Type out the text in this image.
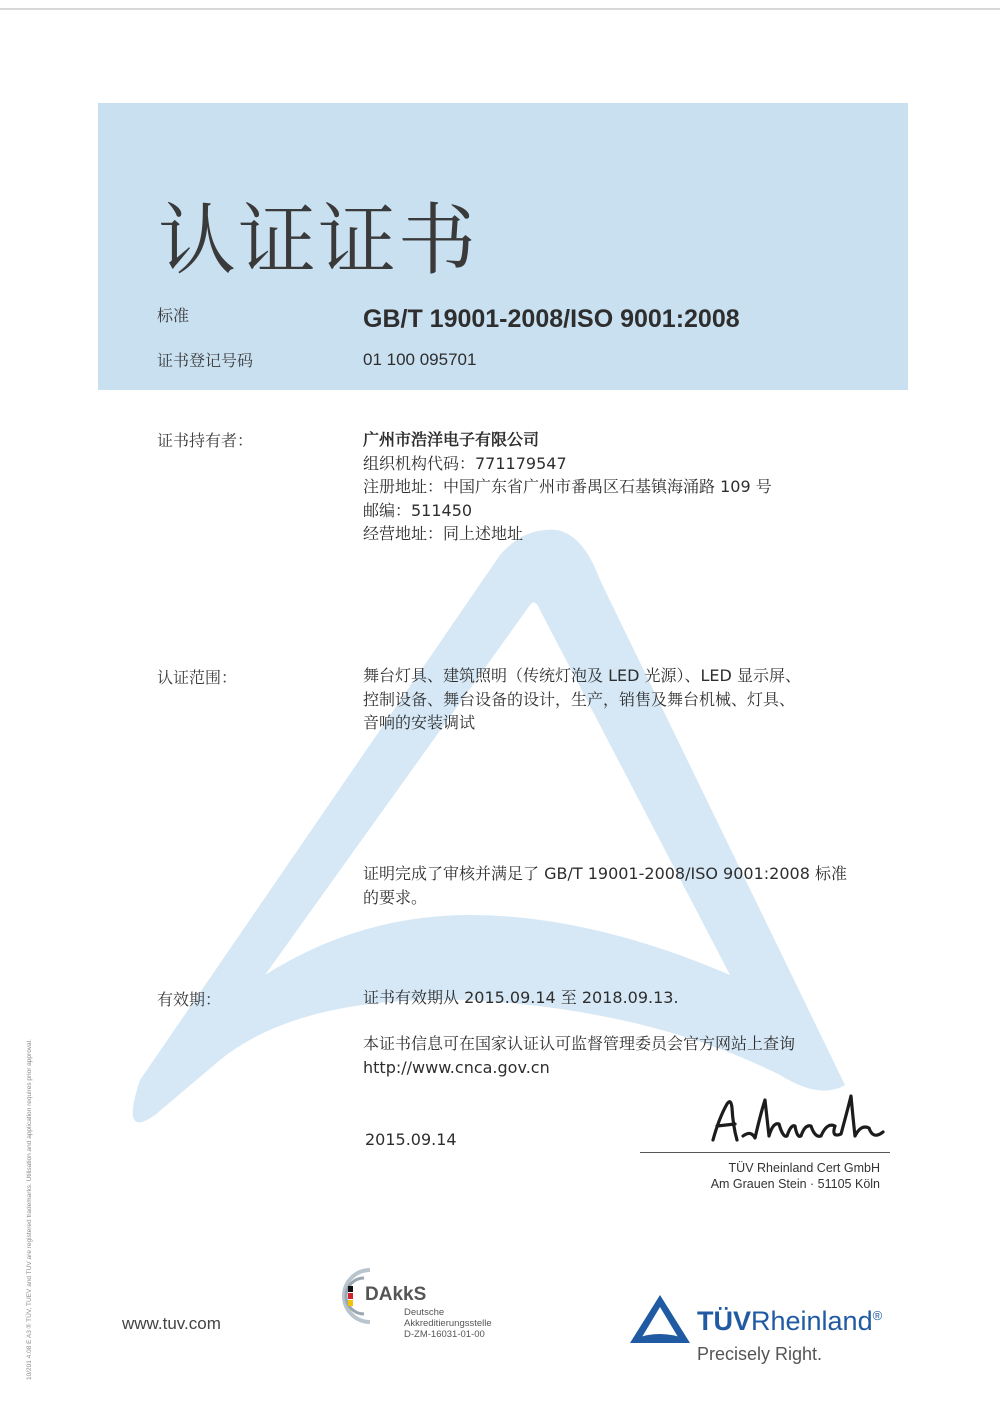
认证证书
标准	GB/T 19001-2008/ISO 9001:2008
证书登记号码	01 100 095701
证书持有者：	广州市浩洋电子有限公司
组织机构代码：771179547
注册地址：中国广东省广州市番禺区石基镇海涌路 109 号
邮编：511450
经营地址：同上述地址
认证范围：	舞台灯具、建筑照明（传统灯泡及 LED 光源）、LED 显示屏、
控制设备、舞台设备的设计，生产，销售及舞台机械、灯具、
音响的安装调试
证明完成了审核并满足了 GB/T 19001-2008/ISO 9001:2008 标准
的要求。
有效期：	证书有效期从 2015.09.14 至 2018.09.13.
本证书信息可在国家认证认可监督管理委员会官方网站上查询
http://www.cnca.gov.cn
2015.09.14
TÜV Rheinland Cert GmbH
Am Grauen Stein · 51105 Köln
www.tuv.com
DAkkS
Deutsche
Akkreditierungsstelle
D-ZM-16031-01-00	TÜVRheinland®
Precisely Right.
10/201 4.08 E A3 ® TÜV, TUEV and TUV are registered trademarks. Utilisation and application requires prior approval.
